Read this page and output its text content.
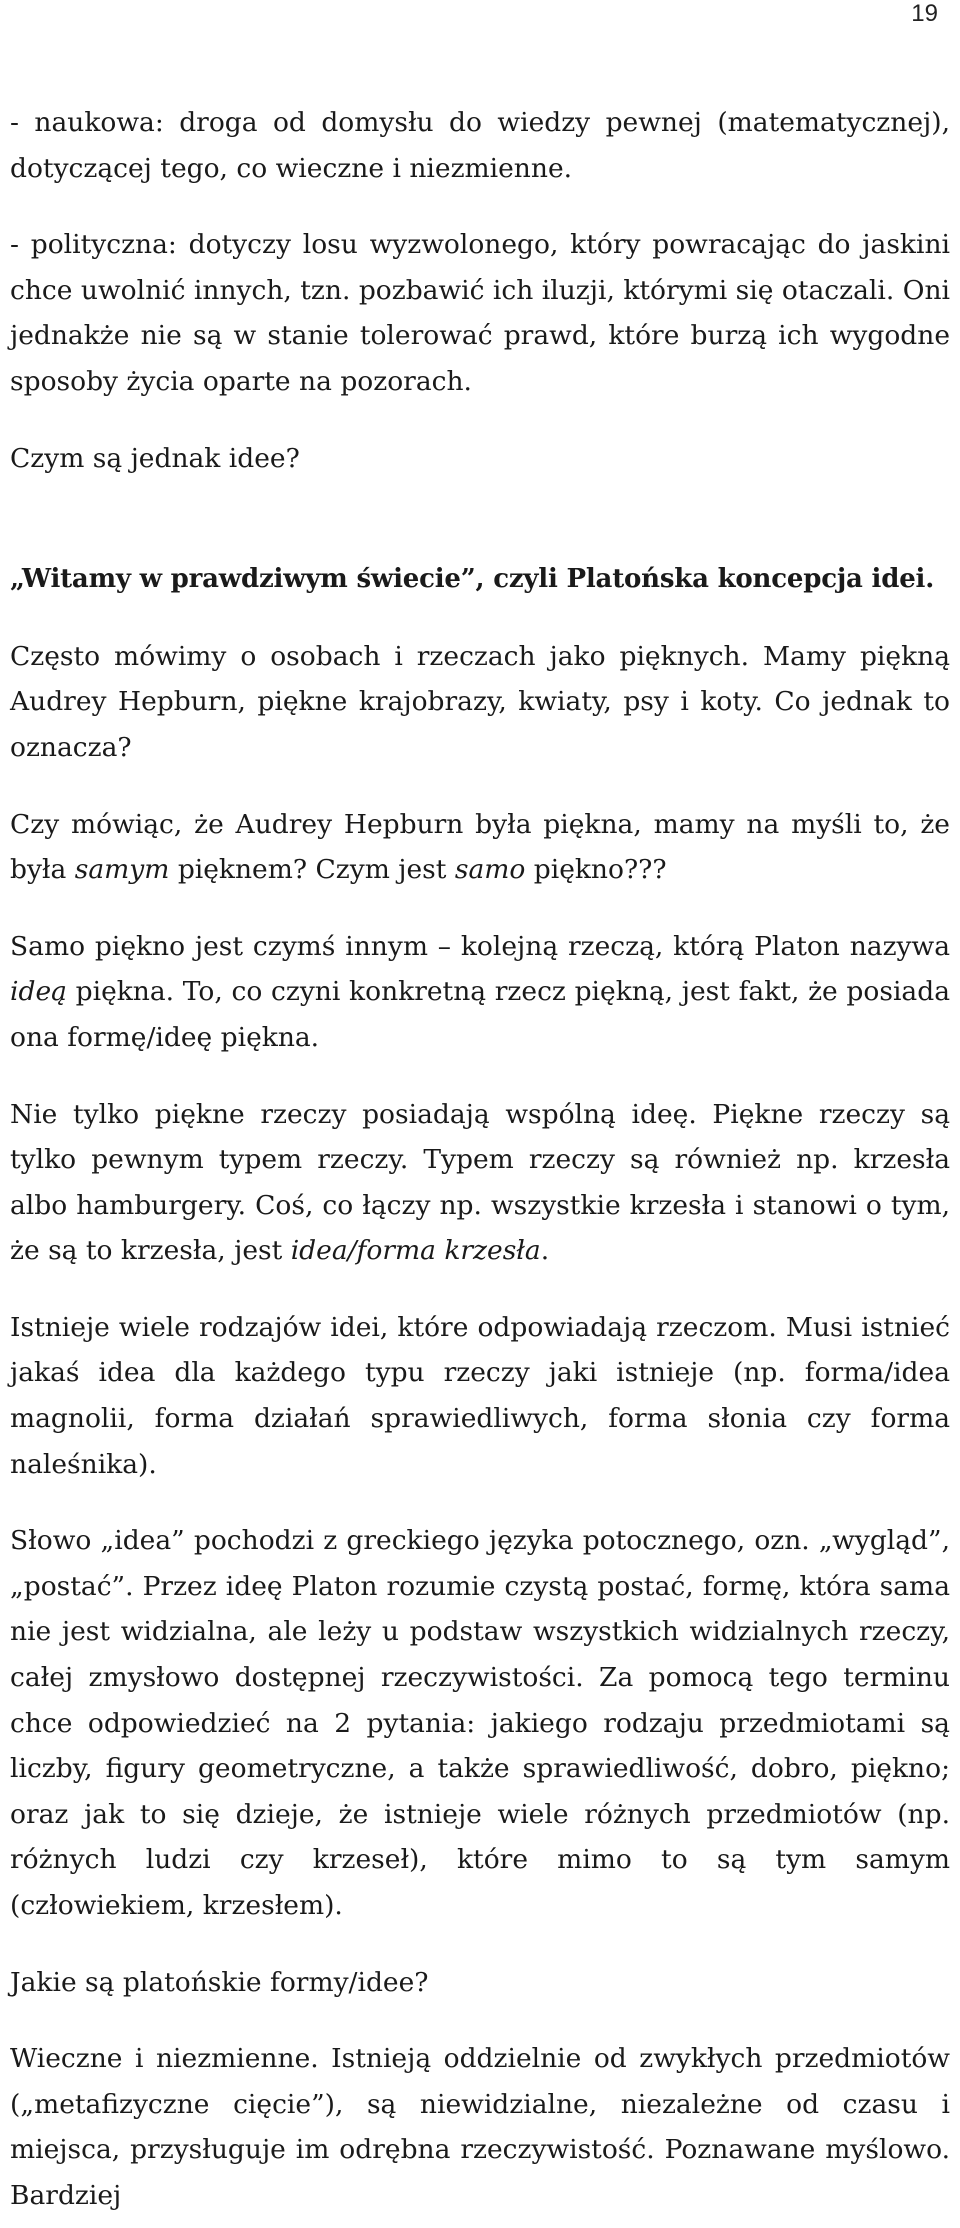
19

- naukowa: droga od domysłu do wiedzy pewnej (matematycznej), dotyczącej tego, co wieczne i niezmienne.

- polityczna: dotyczy losu wyzwolonego, który powracając do jaskini chce uwolnić innych, tzn. pozbawić ich iluzji, którymi się otaczali. Oni jednakże nie są w stanie tolerować prawd, które burzą ich wygodne sposoby życia oparte na pozorach.

Czym są jednak idee?

„Witamy w prawdziwym świecie”, czyli Platońska koncepcja idei.

Często mówimy o osobach i rzeczach jako pięknych. Mamy piękną Audrey Hepburn, piękne krajobrazy, kwiaty, psy i koty. Co jednak to oznacza?

Czy mówiąc, że Audrey Hepburn była piękna, mamy na myśli to, że była samym pięknem? Czym jest samo piękno???

Samo piękno jest czymś innym – kolejną rzeczą, którą Platon nazywa ideą piękna. To, co czyni konkretną rzecz piękną, jest fakt, że posiada ona formę/ideę piękna.

Nie tylko piękne rzeczy posiadają wspólną ideę. Piękne rzeczy są tylko pewnym typem rzeczy. Typem rzeczy są również np. krzesła albo hamburgery. Coś, co łączy np. wszystkie krzesła i stanowi o tym, że są to krzesła, jest idea/forma krzesła.

Istnieje wiele rodzajów idei, które odpowiadają rzeczom. Musi istnieć jakaś idea dla każdego typu rzeczy jaki istnieje (np. forma/idea magnolii, forma działań sprawiedliwych, forma słonia czy forma naleśnika).

Słowo „idea” pochodzi z greckiego języka potocznego, ozn. „wygląd”, „postać”. Przez ideę Platon rozumie czystą postać, formę, która sama nie jest widzialna, ale leży u podstaw wszystkich widzialnych rzeczy, całej zmysłowo dostępnej rzeczywistości. Za pomocą tego terminu chce odpowiedzieć na 2 pytania: jakiego rodzaju przedmiotami są liczby, figury geometryczne, a także sprawiedliwość, dobro, piękno; oraz jak to się dzieje, że istnieje wiele różnych przedmiotów (np. różnych ludzi czy krzeseł), które mimo to są tym samym (człowiekiem, krzesłem).

Jakie są platońskie formy/idee?

Wieczne i niezmienne. Istnieją oddzielnie od zwykłych przedmiotów („metafizyczne cięcie”), są niewidzialne, niezależne od czasu i miejsca, przysługuje im odrębna rzeczywistość. Poznawane myślowo. Bardziej
